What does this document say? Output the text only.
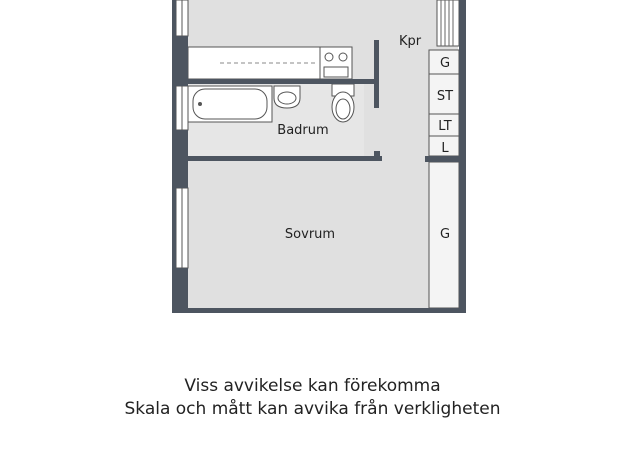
Kpr
Badrum
Sovrum
G
ST
LT
L
G
Viss avvikelse kan förekomma
Skala och mått kan avvika från verkligheten
